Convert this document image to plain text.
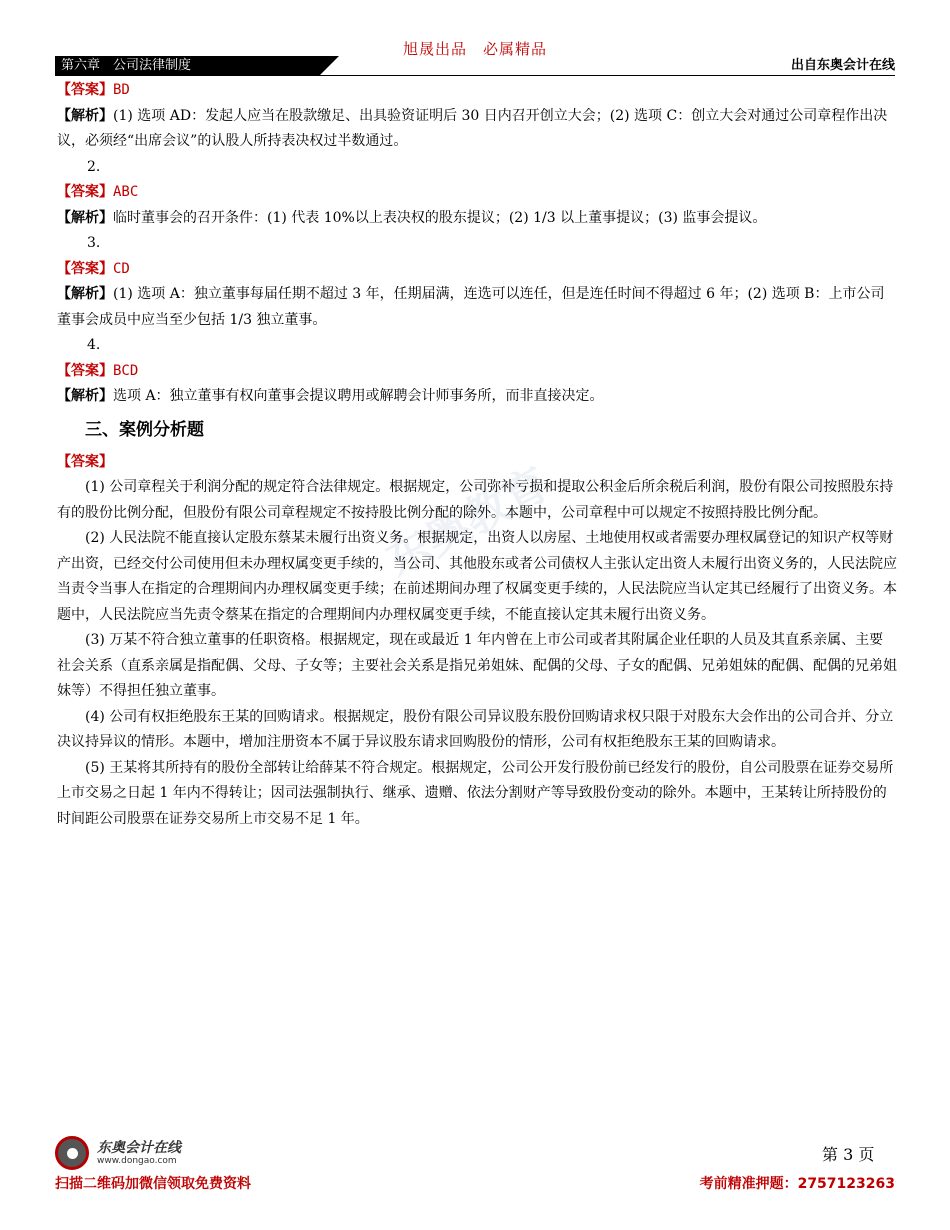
旭晟出品　必属精品
第六章　公司法律制度	出自东奥会计在线
东奥教育

【答案】BD

【解析】(1) 选项 AD：发起人应当在股款缴足、出具验资证明后 30 日内召开创立大会；(2) 选项 C：创立大会对通过公司章程作出决议，必须经“出席会议”的认股人所持表决权过半数通过。

2.

【答案】ABC

【解析】临时董事会的召开条件：(1) 代表 10%以上表决权的股东提议；(2) 1/3 以上董事提议；(3) 监事会提议。

3.

【答案】CD

【解析】(1) 选项 A：独立董事每届任期不超过 3 年，任期届满，连选可以连任，但是连任时间不得超过 6 年；(2) 选项 B：上市公司董事会成员中应当至少包括 1/3 独立董事。

4.

【答案】BCD

【解析】选项 A：独立董事有权向董事会提议聘用或解聘会计师事务所，而非直接决定。

三、案例分析题

【答案】

(1) 公司章程关于利润分配的规定符合法律规定。根据规定，公司弥补亏损和提取公积金后所余税后利润，股份有限公司按照股东持有的股份比例分配，但股份有限公司章程规定不按持股比例分配的除外。本题中，公司章程中可以规定不按照持股比例分配。

(2) 人民法院不能直接认定股东蔡某未履行出资义务。根据规定，出资人以房屋、土地使用权或者需要办理权属登记的知识产权等财产出资，已经交付公司使用但未办理权属变更手续的，当公司、其他股东或者公司债权人主张认定出资人未履行出资义务的，人民法院应当责令当事人在指定的合理期间内办理权属变更手续；在前述期间办理了权属变更手续的，人民法院应当认定其已经履行了出资义务。本题中，人民法院应当先责令蔡某在指定的合理期间内办理权属变更手续，不能直接认定其未履行出资义务。

(3) 万某不符合独立董事的任职资格。根据规定，现在或最近 1 年内曾在上市公司或者其附属企业任职的人员及其直系亲属、主要社会关系（直系亲属是指配偶、父母、子女等；主要社会关系是指兄弟姐妹、配偶的父母、子女的配偶、兄弟姐妹的配偶、配偶的兄弟姐妹等）不得担任独立董事。

(4) 公司有权拒绝股东王某的回购请求。根据规定，股份有限公司异议股东股份回购请求权只限于对股东大会作出的公司合并、分立决议持异议的情形。本题中，增加注册资本不属于异议股东请求回购股份的情形，公司有权拒绝股东王某的回购请求。

(5) 王某将其所持有的股份全部转让给薛某不符合规定。根据规定，公司公开发行股份前已经发行的股份，自公司股票在证券交易所上市交易之日起 1 年内不得转让；因司法强制执行、继承、遗赠、依法分割财产等导致股份变动的除外。本题中，王某转让所持股份的时间距公司股票在证券交易所上市交易不足 1 年。

东奥会计在线
www.dongao.com	第 3 页
扫描二维码加微信领取免费资料	考前精准押题：2757123263
